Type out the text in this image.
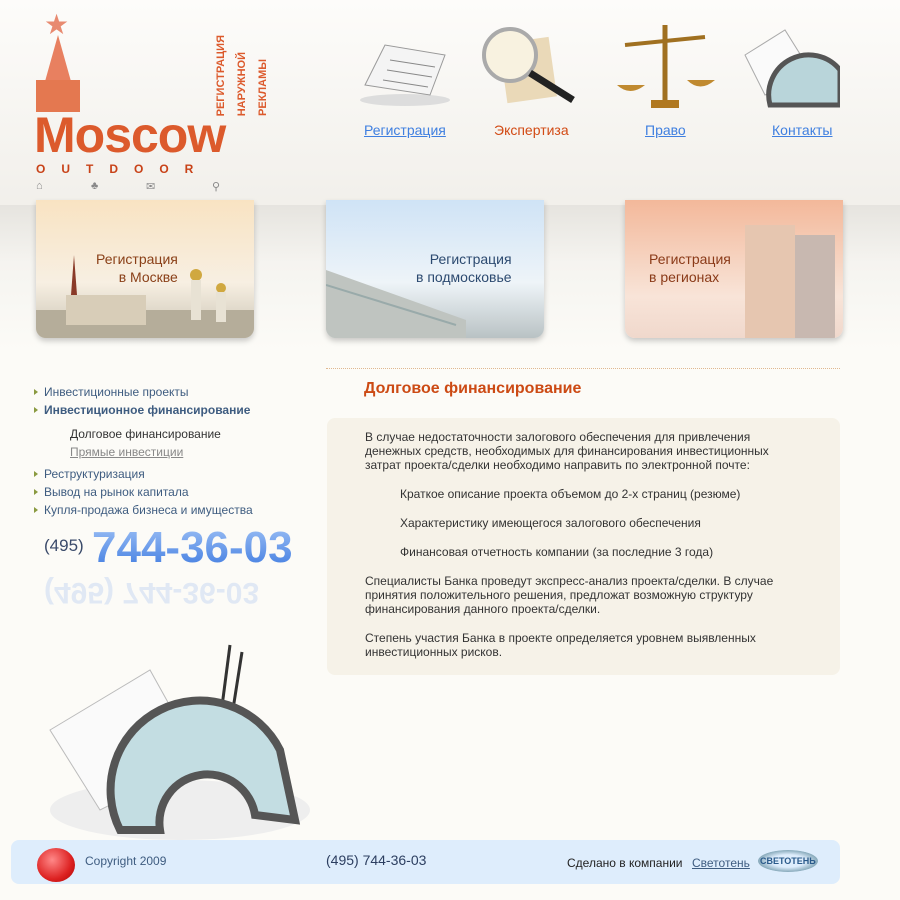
★
РЕГИСТРАЦИЯ НАРУЖНОЙ РЕКЛАМЫ
Moscow
OUTDOOR
⌂	♣	✉	⚲
Регистрация	Экспертиза	Право	Контакты
Регистрация
в Москве
Регистрация
в подмосковье
Регистрация
в регионах
Инвестиционные проекты
Инвестиционное финансирование
Долговое финансирование
Прямые инвестиции
Реструктуризация
Вывод на рынок капитала
Купля-продажа бизнеса и имущества
(495) 744-36-03
(495) 744-36-03
Долговое финансирование

В случае недостаточности залогового обеспечения для привлечения денежных средств, необходимых для финансирования инвестиционных затрат проекта/сделки необходимо направить по электронной почте:

Краткое описание проекта объемом до 2-х страниц (резюме)

Характеристику имеющегося залогового обеспечения

Финансовая отчетность компании (за последние 3 года)

Специалисты Банка проведут экспресс-анализ проекта/сделки. В случае принятия положительного решения, предложат возможную структуру финансирования данного проекта/сделки.

Степень участия Банка в проекте определяется уровнем выявленных инвестиционных рисков.

Copyright 2009	(495) 744-36-03	Сделано в компании Светотень СВЕТОТЕНЬ
